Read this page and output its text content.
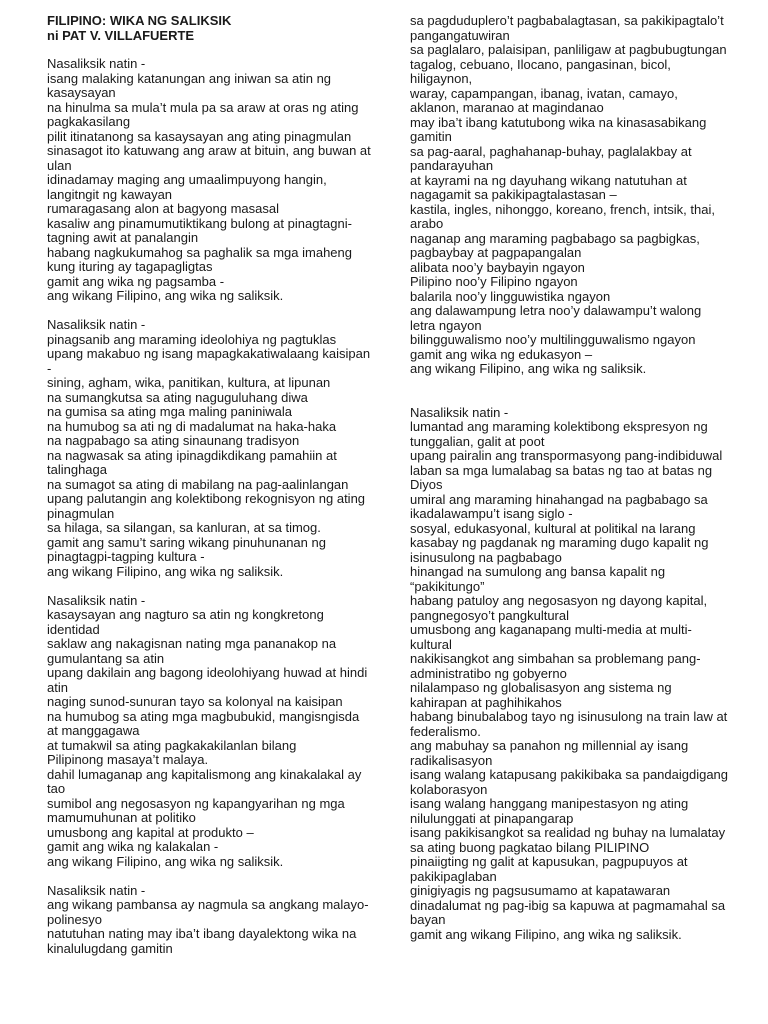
FILIPINO: WIKA NG SALIKSIK

ni PAT V. VILLAFUERTE

Nasaliksik natin -

isang malaking katanungan ang iniwan sa atin ng kasaysayan

na hinulma sa mula’t mula pa sa araw at oras ng ating pagkakasilang

pilit itinatanong sa kasaysayan ang ating pinagmulan

sinasagot ito katuwang ang araw at bituin, ang buwan at ulan

idinadamay maging ang umaalimpuyong hangin, langitngit ng kawayan

rumaragasang alon at bagyong masasal

kasaliw ang pinamumutiktikang bulong at pinagtagni-tagning awit at panalangin

habang nagkukumahog sa paghalik sa mga imaheng kung ituring ay tagapagligtas

gamit ang wika ng pagsamba -

ang wikang Filipino, ang wika ng saliksik.

Nasaliksik natin -

pinagsanib ang maraming ideolohiya ng pagtuklas

upang makabuo ng isang mapagkakatiwalaang kaisipan -

sining, agham, wika, panitikan, kultura, at lipunan

na sumangkutsa sa ating naguguluhang diwa

na gumisa sa ating mga maling paniniwala

na humubog sa ati ng di madalumat na haka-haka

na nagpabago sa ating sinaunang tradisyon

na nagwasak sa ating ipinagdikdikang pamahiin at talinghaga

na sumagot sa ating di mabilang na pag-aalinlangan

upang palutangin ang kolektibong rekognisyon ng ating pinagmulan

sa hilaga, sa silangan, sa kanluran, at sa timog.

gamit ang samu’t saring wikang pinuhunanan ng pinagtagpi-tagping kultura -

ang wikang Filipino, ang wika ng saliksik.

Nasaliksik natin -

kasaysayan ang nagturo sa atin ng kongkretong identidad

saklaw ang nakagisnan nating mga pananakop na gumulantang sa atin

upang dakilain ang bagong ideolohiyang huwad at hindi atin

naging sunod-sunuran tayo sa kolonyal na kaisipan

na humubog sa ating mga magbubukid, mangisngisda at manggagawa

at tumakwil sa ating pagkakakilanlan bilang

Pilipinong masaya’t malaya.

dahil lumaganap ang kapitalismong ang kinakalakal ay tao

sumibol ang negosasyon ng kapangyarihan ng mga mamumuhunan at politiko

umusbong ang kapital at produkto –

gamit ang wika ng kalakalan -

ang wikang Filipino, ang wika ng saliksik.

Nasaliksik natin -

ang wikang pambansa ay nagmula sa angkang malayo-polinesyo

natutuhan nating may iba’t ibang dayalektong wika na kinalulugdang gamitin

sa pagduduplero’t pagbabalagtasan, sa pakikipagtalo’t pangangatuwiran

sa paglalaro, palaisipan, panliligaw at pagbubugtungan

tagalog, cebuano, Ilocano, pangasinan, bicol, hiligaynon,

waray, capampangan, ibanag, ivatan, camayo, aklanon, maranao at magindanao

may iba’t ibang katutubong wika na kinasasabikang gamitin

sa pag-aaral, paghahanap-buhay, paglalakbay at pandarayuhan

at kayrami na ng dayuhang wikang natutuhan at nagagamit sa pakikipagtalastasan –

kastila, ingles, nihonggo, koreano, french, intsik, thai, arabo

naganap ang maraming pagbabago sa pagbigkas, pagbaybay at pagpapangalan

alibata noo’y baybayin ngayon

Pilipino noo’y Filipino ngayon

balarila noo’y lingguwistika ngayon

ang dalawampung letra noo’y dalawampu’t walong letra ngayon

bilingguwalismo noo’y multilingguwalismo ngayon

gamit ang wika ng edukasyon –

ang wikang Filipino, ang wika ng saliksik.

Nasaliksik natin -

lumantad ang maraming kolektibong ekspresyon ng tunggalian, galit at poot

upang pairalin ang transpormasyong pang-indibiduwal

laban sa mga lumalabag sa batas ng tao at batas ng Diyos

umiral ang maraming hinahangad na pagbabago sa

ikadalawampu’t isang siglo -

sosyal, edukasyonal, kultural at politikal na larang

kasabay ng pagdanak ng maraming dugo kapalit ng isinusulong na pagbabago

hinangad na sumulong ang bansa kapalit ng “pakikitungo”

habang patuloy ang negosasyon ng dayong kapital,

pangnegosyo’t pangkultural

umusbong ang kaganapang multi-media at multi-kultural

nakikisangkot ang simbahan sa problemang pang-administratibo ng gobyerno

nilalampaso ng globalisasyon ang sistema ng kahirapan at paghihikahos

habang binubalabog tayo ng isinusulong na train law at federalismo.

ang mabuhay sa panahon ng millennial ay isang radikalisasyon

isang walang katapusang pakikibaka sa pandaigdigang kolaborasyon

isang walang hanggang manipestasyon ng ating nilulunggati at pinapangarap

isang pakikisangkot sa realidad ng buhay na lumalatay

sa ating buong pagkatao bilang PILIPINO

pinaiigting ng galit at kapusukan, pagpupuyos at pakikipaglaban

ginigiyagis ng pagsusumamo at kapatawaran

dinadalumat ng pag-ibig sa kapuwa at pagmamahal sa bayan

gamit ang wikang Filipino, ang wika ng saliksik.
